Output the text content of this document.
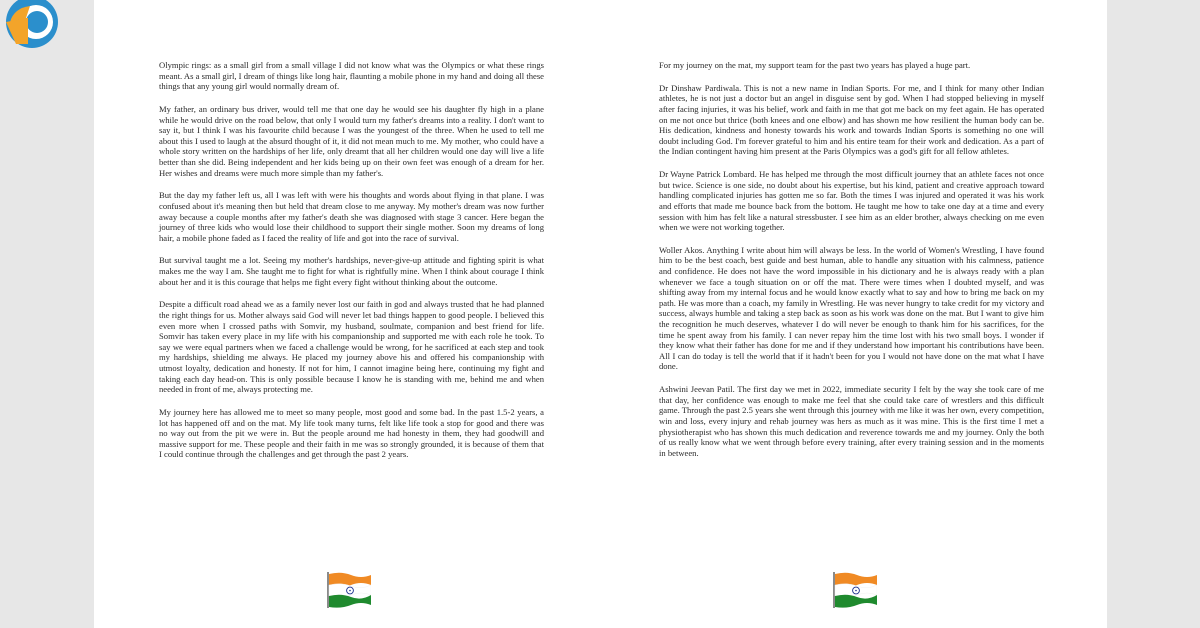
Olympic rings: as a small girl from a small village I did not know what was the Olympics or what these rings meant. As a small girl, I dream of things like long hair, flaunting a mobile phone in my hand and doing all these things that any young girl would normally dream of.

My father, an ordinary bus driver, would tell me that one day he would see his daughter fly high in a plane while he would drive on the road below, that only I would turn my father's dreams into a reality. I don't want to say it, but I think I was his favourite child because I was the youngest of the three. When he used to tell me about this I used to laugh at the absurd thought of it, it did not mean much to me. My mother, who could have a whole story written on the hardships of her life, only dreamt that all her children would one day will live a life better than she did. Being independent and her kids being up on their own feet was enough of a dream for her. Her wishes and dreams were much more simple than my father's.

But the day my father left us, all I was left with were his thoughts and words about flying in that plane. I was confused about it's meaning then but held that dream close to me anyway. My mother's dream was now further away because a couple months after my father's death she was diagnosed with stage 3 cancer. Here began the journey of three kids who would lose their childhood to support their single mother. Soon my dreams of long hair, a mobile phone faded as I faced the reality of life and got into the race of survival.

But survival taught me a lot. Seeing my mother's hardships, never-give-up attitude and fighting spirit is what makes me the way I am. She taught me to fight for what is rightfully mine. When I think about courage I think about her and it is this courage that helps me fight every fight without thinking about the outcome.

Despite a difficult road ahead we as a family never lost our faith in god and always trusted that he had planned the right things for us. Mother always said God will never let bad things happen to good people. I believed this even more when I crossed paths with Somvir, my husband, soulmate, companion and best friend for life. Somvir has taken every place in my life with his companionship and supported me with each role he took. To say we were equal partners when we faced a challenge would be wrong, for he sacrificed at each step and took my hardships, shielding me always. He placed my journey above his and offered his companionship with utmost loyalty, dedication and honesty. If not for him, I cannot imagine being here, continuing my fight and taking each day head-on. This is only possible because I know he is standing with me, behind me and when needed in front of me, always protecting me.

My journey here has allowed me to meet so many people, most good and some bad. In the past 1.5-2 years, a lot has happened off and on the mat. My life took many turns, felt like life took a stop for good and there was no way out from the pit we were in. But the people around me had honesty in them, they had goodwill and massive support for me. These people and their faith in me was so strongly grounded, it is because of them that I could continue through the challenges and get through the past 2 years.

For my journey on the mat, my support team for the past two years has played a huge part.

Dr Dinshaw Pardiwala. This is not a new name in Indian Sports. For me, and I think for many other Indian athletes, he is not just a doctor but an angel in disguise sent by god. When I had stopped believing in myself after facing injuries, it was his belief, work and faith in me that got me back on my feet again. He has operated on me not once but thrice (both knees and one elbow) and has shown me how resilient the human body can be. His dedication, kindness and honesty towards his work and towards Indian Sports is something no one will doubt including God. I'm forever grateful to him and his entire team for their work and dedication. As a part of the Indian contingent having him present at the Paris Olympics was a god's gift for all fellow athletes.

Dr Wayne Patrick Lombard. He has helped me through the most difficult journey that an athlete faces not once but twice. Science is one side, no doubt about his expertise, but his kind, patient and creative approach toward handling complicated injuries has gotten me so far. Both the times I was injured and operated it was his work and efforts that made me bounce back from the bottom. He taught me how to take one day at a time and every session with him has felt like a natural stressbuster. I see him as an elder brother, always checking on me even when we were not working together.

Woller Akos. Anything I write about him will always be less. In the world of Women's Wrestling, I have found him to be the best coach, best guide and best human, able to handle any situation with his calmness, patience and confidence. He does not have the word impossible in his dictionary and he is always ready with a plan whenever we face a tough situation on or off the mat. There were times when I doubted myself, and was shifting away from my internal focus and he would know exactly what to say and how to bring me back on my path. He was more than a coach, my family in Wrestling. He was never hungry to take credit for my victory and success, always humble and taking a step back as soon as his work was done on the mat. But I want to give him the recognition he much deserves, whatever I do will never be enough to thank him for his sacrifices, for the time he spent away from his family. I can never repay him the time lost with his two small boys. I wonder if they know what their father has done for me and if they understand how important his contributions have been. All I can do today is tell the world that if it hadn't been for you I would not have done on the mat what I have done.

Ashwini Jeevan Patil. The first day we met in 2022, immediate security I felt by the way she took care of me that day, her confidence was enough to make me feel that she could take care of wrestlers and this difficult game. Through the past 2.5 years she went through this journey with me like it was her own, every competition, win and loss, every injury and rehab journey was hers as much as it was mine. This is the first time I met a physiotherapist who has shown this much dedication and reverence towards me and my journey. Only the both of us really know what we went through before every training, after every training session and in the moments in between.
